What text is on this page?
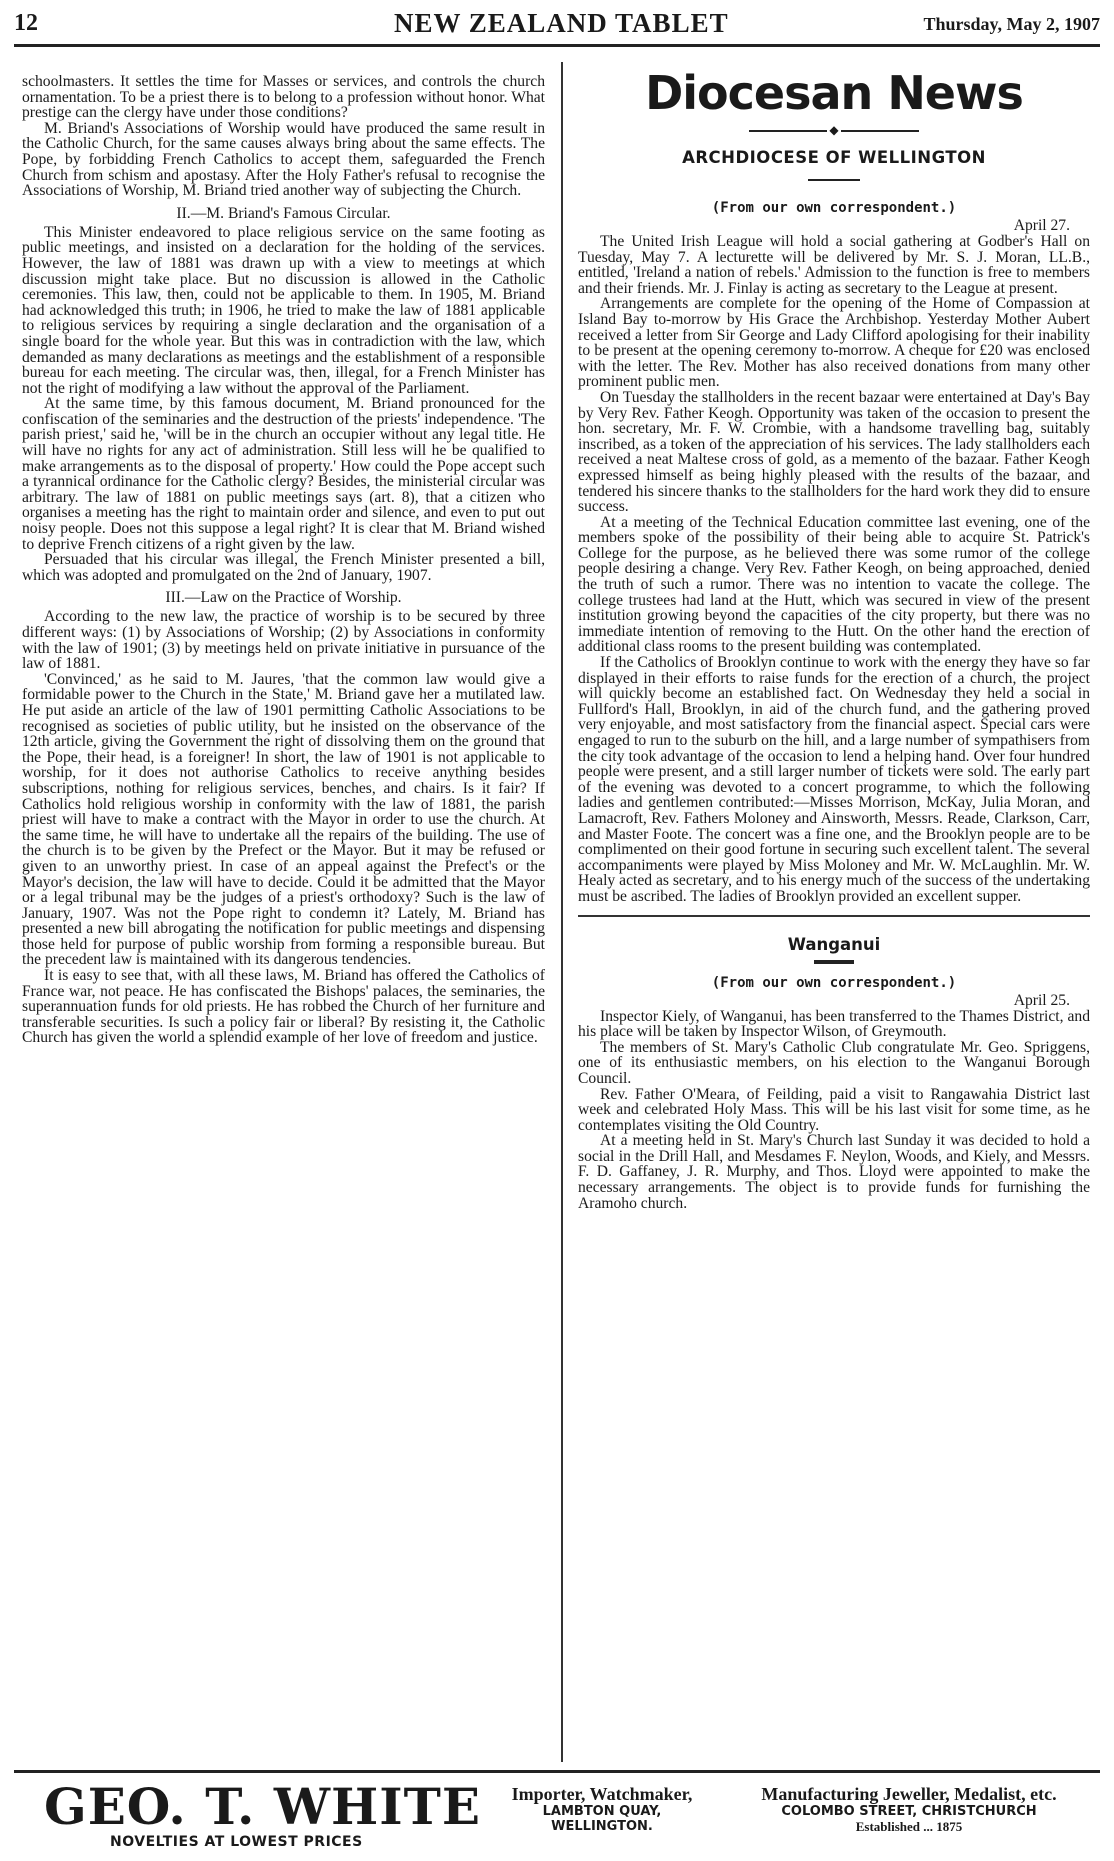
12	NEW ZEALAND TABLET	Thursday, May 2, 1907

schoolmasters. It settles the time for Masses or services, and controls the church ornamentation. To be a priest there is to belong to a profession without honor. What prestige can the clergy have under those conditions?

M. Briand's Associations of Worship would have produced the same result in the Catholic Church, for the same causes always bring about the same effects. The Pope, by forbidding French Catholics to accept them, safeguarded the French Church from schism and apostasy. After the Holy Father's refusal to recognise the Associations of Worship, M. Briand tried another way of subjecting the Church.

II.—M. Briand's Famous Circular.

This Minister endeavored to place religious service on the same footing as public meetings, and insisted on a declaration for the holding of the services. However, the law of 1881 was drawn up with a view to meetings at which discussion might take place. But no discussion is allowed in the Catholic ceremonies. This law, then, could not be applicable to them. In 1905, M. Briand had acknowledged this truth; in 1906, he tried to make the law of 1881 applicable to religious services by requiring a single declaration and the organisation of a single board for the whole year. But this was in contradiction with the law, which demanded as many declarations as meetings and the establishment of a responsible bureau for each meeting. The circular was, then, illegal, for a French Minister has not the right of modifying a law without the approval of the Parliament.

At the same time, by this famous document, M. Briand pronounced for the confiscation of the seminaries and the destruction of the priests' independence. 'The parish priest,' said he, 'will be in the church an occupier without any legal title. He will have no rights for any act of administration. Still less will he be qualified to make arrangements as to the disposal of property.' How could the Pope accept such a tyrannical ordinance for the Catholic clergy? Besides, the ministerial circular was arbitrary. The law of 1881 on public meetings says (art. 8), that a citizen who organises a meeting has the right to maintain order and silence, and even to put out noisy people. Does not this suppose a legal right? It is clear that M. Briand wished to deprive French citizens of a right given by the law.

Persuaded that his circular was illegal, the French Minister presented a bill, which was adopted and promulgated on the 2nd of January, 1907.

III.—Law on the Practice of Worship.

According to the new law, the practice of worship is to be secured by three different ways: (1) by Associations of Worship; (2) by Associations in conformity with the law of 1901; (3) by meetings held on private initiative in pursuance of the law of 1881.

'Convinced,' as he said to M. Jaures, 'that the common law would give a formidable power to the Church in the State,' M. Briand gave her a mutilated law. He put aside an article of the law of 1901 permitting Catholic Associations to be recognised as societies of public utility, but he insisted on the observance of the 12th article, giving the Government the right of dissolving them on the ground that the Pope, their head, is a foreigner! In short, the law of 1901 is not applicable to worship, for it does not authorise Catholics to receive anything besides subscriptions, nothing for religious services, benches, and chairs. Is it fair? If Catholics hold religious worship in conformity with the law of 1881, the parish priest will have to make a contract with the Mayor in order to use the church. At the same time, he will have to undertake all the repairs of the building. The use of the church is to be given by the Prefect or the Mayor. But it may be refused or given to an unworthy priest. In case of an appeal against the Prefect's or the Mayor's decision, the law will have to decide. Could it be admitted that the Mayor or a legal tribunal may be the judges of a priest's orthodoxy? Such is the law of January, 1907. Was not the Pope right to condemn it? Lately, M. Briand has presented a new bill abrogating the notification for public meetings and dispensing those held for purpose of public worship from forming a responsible bureau. But the precedent law is maintained with its dangerous tendencies.

It is easy to see that, with all these laws, M. Briand has offered the Catholics of France war, not peace. He has confiscated the Bishops' palaces, the seminaries, the superannuation funds for old priests. He has robbed the Church of her furniture and transferable securities. Is such a policy fair or liberal? By resisting it, the Catholic Church has given the world a splendid example of her love of freedom and justice.

Diocesan News
◆
ARCHDIOCESE OF WELLINGTON
(From our own correspondent.)
April 27.

The United Irish League will hold a social gathering at Godber's Hall on Tuesday, May 7. A lecturette will be delivered by Mr. S. J. Moran, LL.B., entitled, 'Ireland a nation of rebels.' Admission to the function is free to members and their friends. Mr. J. Finlay is acting as secretary to the League at present.

Arrangements are complete for the opening of the Home of Compassion at Island Bay to-morrow by His Grace the Archbishop. Yesterday Mother Aubert received a letter from Sir George and Lady Clifford apologising for their inability to be present at the opening ceremony to-morrow. A cheque for £20 was enclosed with the letter. The Rev. Mother has also received donations from many other prominent public men.

On Tuesday the stallholders in the recent bazaar were entertained at Day's Bay by Very Rev. Father Keogh. Opportunity was taken of the occasion to present the hon. secretary, Mr. F. W. Crombie, with a handsome travelling bag, suitably inscribed, as a token of the appreciation of his services. The lady stallholders each received a neat Maltese cross of gold, as a memento of the bazaar. Father Keogh expressed himself as being highly pleased with the results of the bazaar, and tendered his sincere thanks to the stallholders for the hard work they did to ensure success.

At a meeting of the Technical Education committee last evening, one of the members spoke of the possibility of their being able to acquire St. Patrick's College for the purpose, as he believed there was some rumor of the college people desiring a change. Very Rev. Father Keogh, on being approached, denied the truth of such a rumor. There was no intention to vacate the college. The college trustees had land at the Hutt, which was secured in view of the present institution growing beyond the capacities of the city property, but there was no immediate intention of removing to the Hutt. On the other hand the erection of additional class rooms to the present building was contemplated.

If the Catholics of Brooklyn continue to work with the energy they have so far displayed in their efforts to raise funds for the erection of a church, the project will quickly become an established fact. On Wednesday they held a social in Fullford's Hall, Brooklyn, in aid of the church fund, and the gathering proved very enjoyable, and most satisfactory from the financial aspect. Special cars were engaged to run to the suburb on the hill, and a large number of sympathisers from the city took advantage of the occasion to lend a helping hand. Over four hundred people were present, and a still larger number of tickets were sold. The early part of the evening was devoted to a concert programme, to which the following ladies and gentlemen contributed:—Misses Morrison, McKay, Julia Moran, and Lamacroft, Rev. Fathers Moloney and Ainsworth, Messrs. Reade, Clarkson, Carr, and Master Foote. The concert was a fine one, and the Brooklyn people are to be complimented on their good fortune in securing such excellent talent. The several accompaniments were played by Miss Moloney and Mr. W. McLaughlin. Mr. W. Healy acted as secretary, and to his energy much of the success of the undertaking must be ascribed. The ladies of Brooklyn provided an excellent supper.

Wanganui
(From our own correspondent.)
April 25.

Inspector Kiely, of Wanganui, has been transferred to the Thames District, and his place will be taken by Inspector Wilson, of Greymouth.

The members of St. Mary's Catholic Club congratulate Mr. Geo. Spriggens, one of its enthusiastic members, on his election to the Wanganui Borough Council.

Rev. Father O'Meara, of Feilding, paid a visit to Rangawahia District last week and celebrated Holy Mass. This will be his last visit for some time, as he contemplates visiting the Old Country.

At a meeting held in St. Mary's Church last Sunday it was decided to hold a social in the Drill Hall, and Mesdames F. Neylon, Woods, and Kiely, and Messrs. F. D. Gaffaney, J. R. Murphy, and Thos. Lloyd were appointed to make the necessary arrangements. The object is to provide funds for furnishing the Aramoho church.

GEO. T. WHITE
NOVELTIES AT LOWEST PRICES
Importer, Watchmaker,
LAMBTON QUAY,
WELLINGTON.
Manufacturing Jeweller, Medalist, etc.
COLOMBO STREET, CHRISTCHURCH
Established ... 1875
